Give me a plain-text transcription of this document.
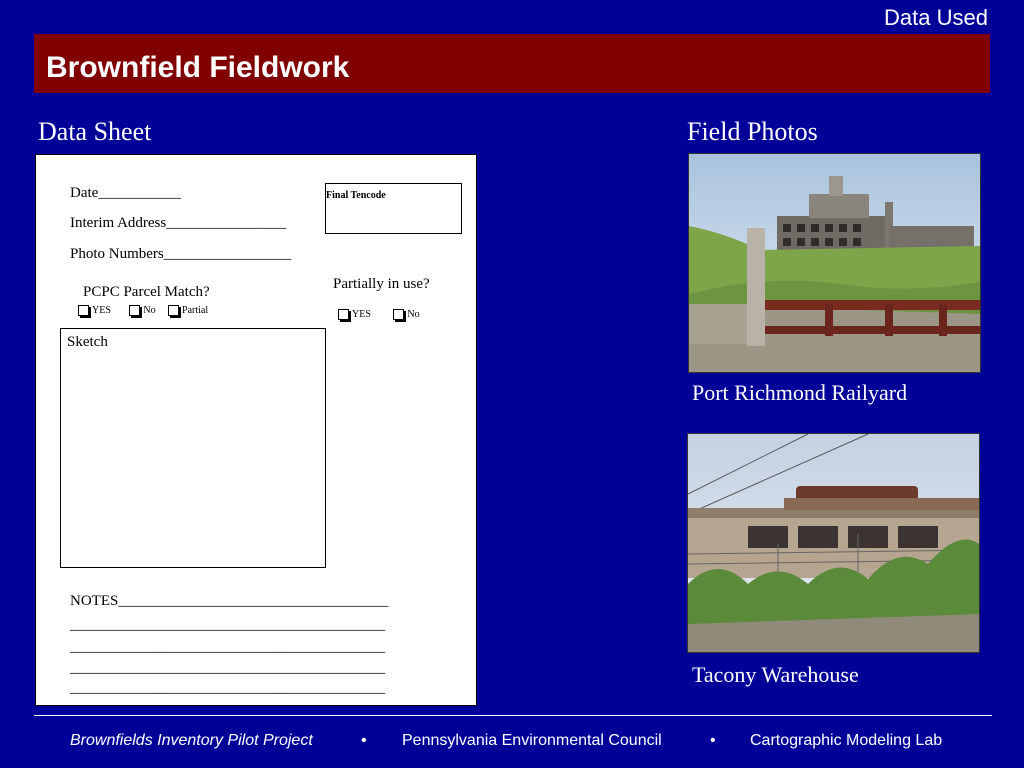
Data Used
Brownfield Fieldwork
Data Sheet	Field Photos
Date___________
Interim Address________________
Photo Numbers_________________
Final Tencode
Partially in use?
PCPC Parcel Match?
YES
	No
	Partial	YES
	No
Sketch
NOTES____________________________________
__________________________________________
__________________________________________
__________________________________________
__________________________________________
Port Richmond Railyard
Tacony Warehouse
Brownfields Inventory Pilot Project	• Pennsylvania Environmental Council	• Cartographic Modeling Lab
